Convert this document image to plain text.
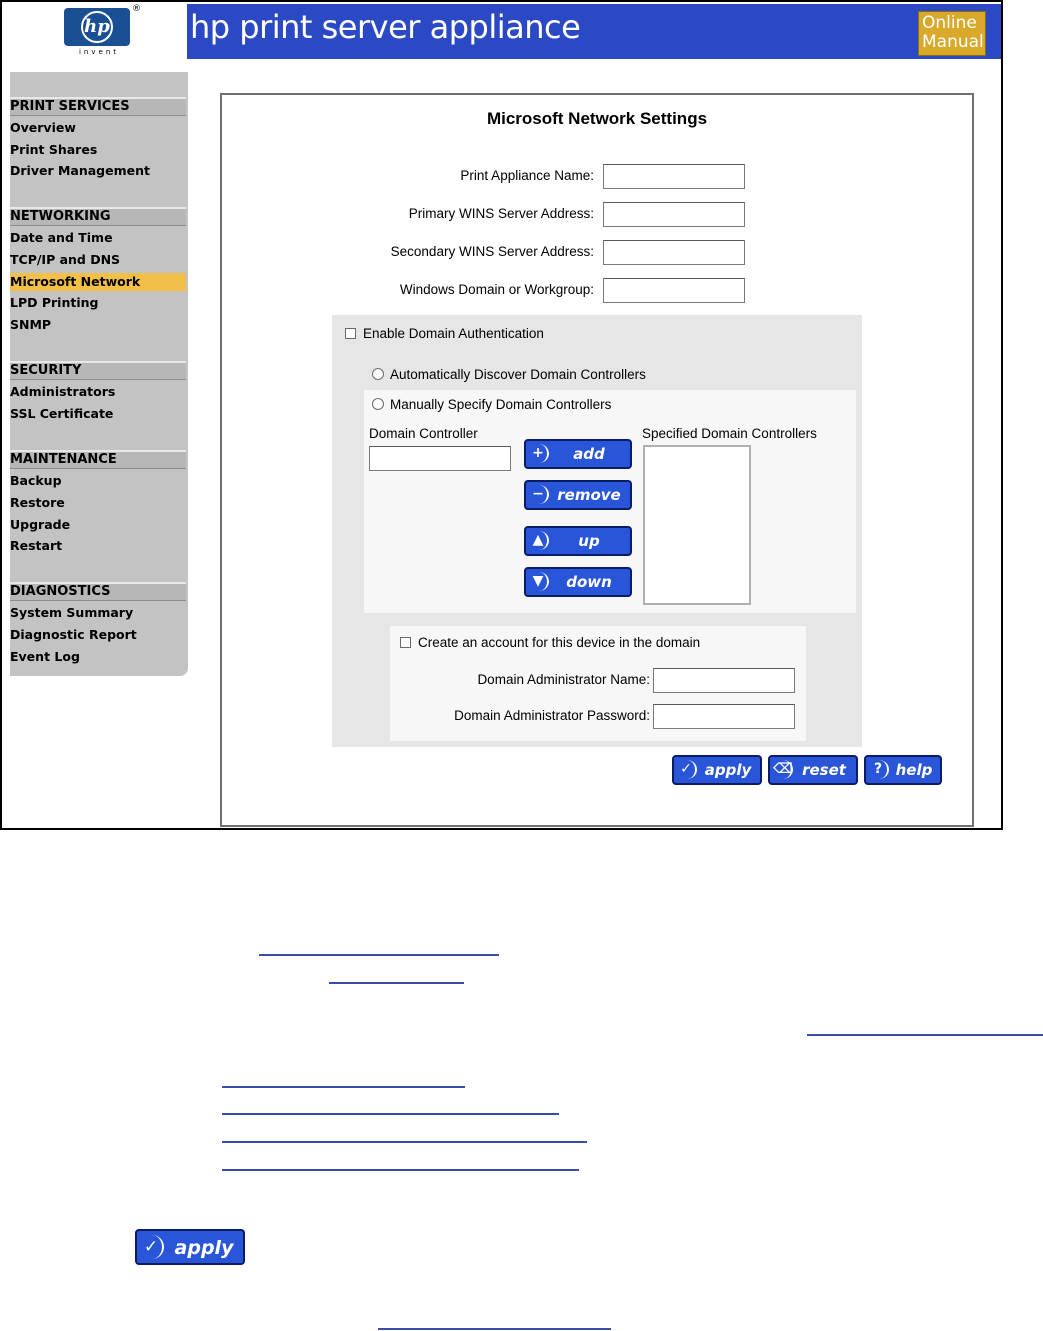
hp
®
invent
hp print server appliance	Online Manual
PRINT SERVICES
Overview
Print Shares
Driver Management
NETWORKING
Date and Time
TCP/IP and DNS
Microsoft Network
LPD Printing
SNMP
SECURITY
Administrators
SSL Certificate
MAINTENANCE
Backup
Restore
Upgrade
Restart
DIAGNOSTICS
System Summary
Diagnostic Report
Event Log
Microsoft Network Settings
Print Appliance Name:
Primary WINS Server Address:
Secondary WINS Server Address:
Windows Domain or Workgroup:
Enable Domain Authentication
Automatically Discover Domain Controllers
Manually Specify Domain Controllers
Domain Controller	Specified Domain Controllers
+	add
− remove
▲	up
▼	down
Create an account for this device in the domain
Domain Administrator Name:
Domain Administrator Password:
✓ apply	⌫ reset	? help
✓ apply
